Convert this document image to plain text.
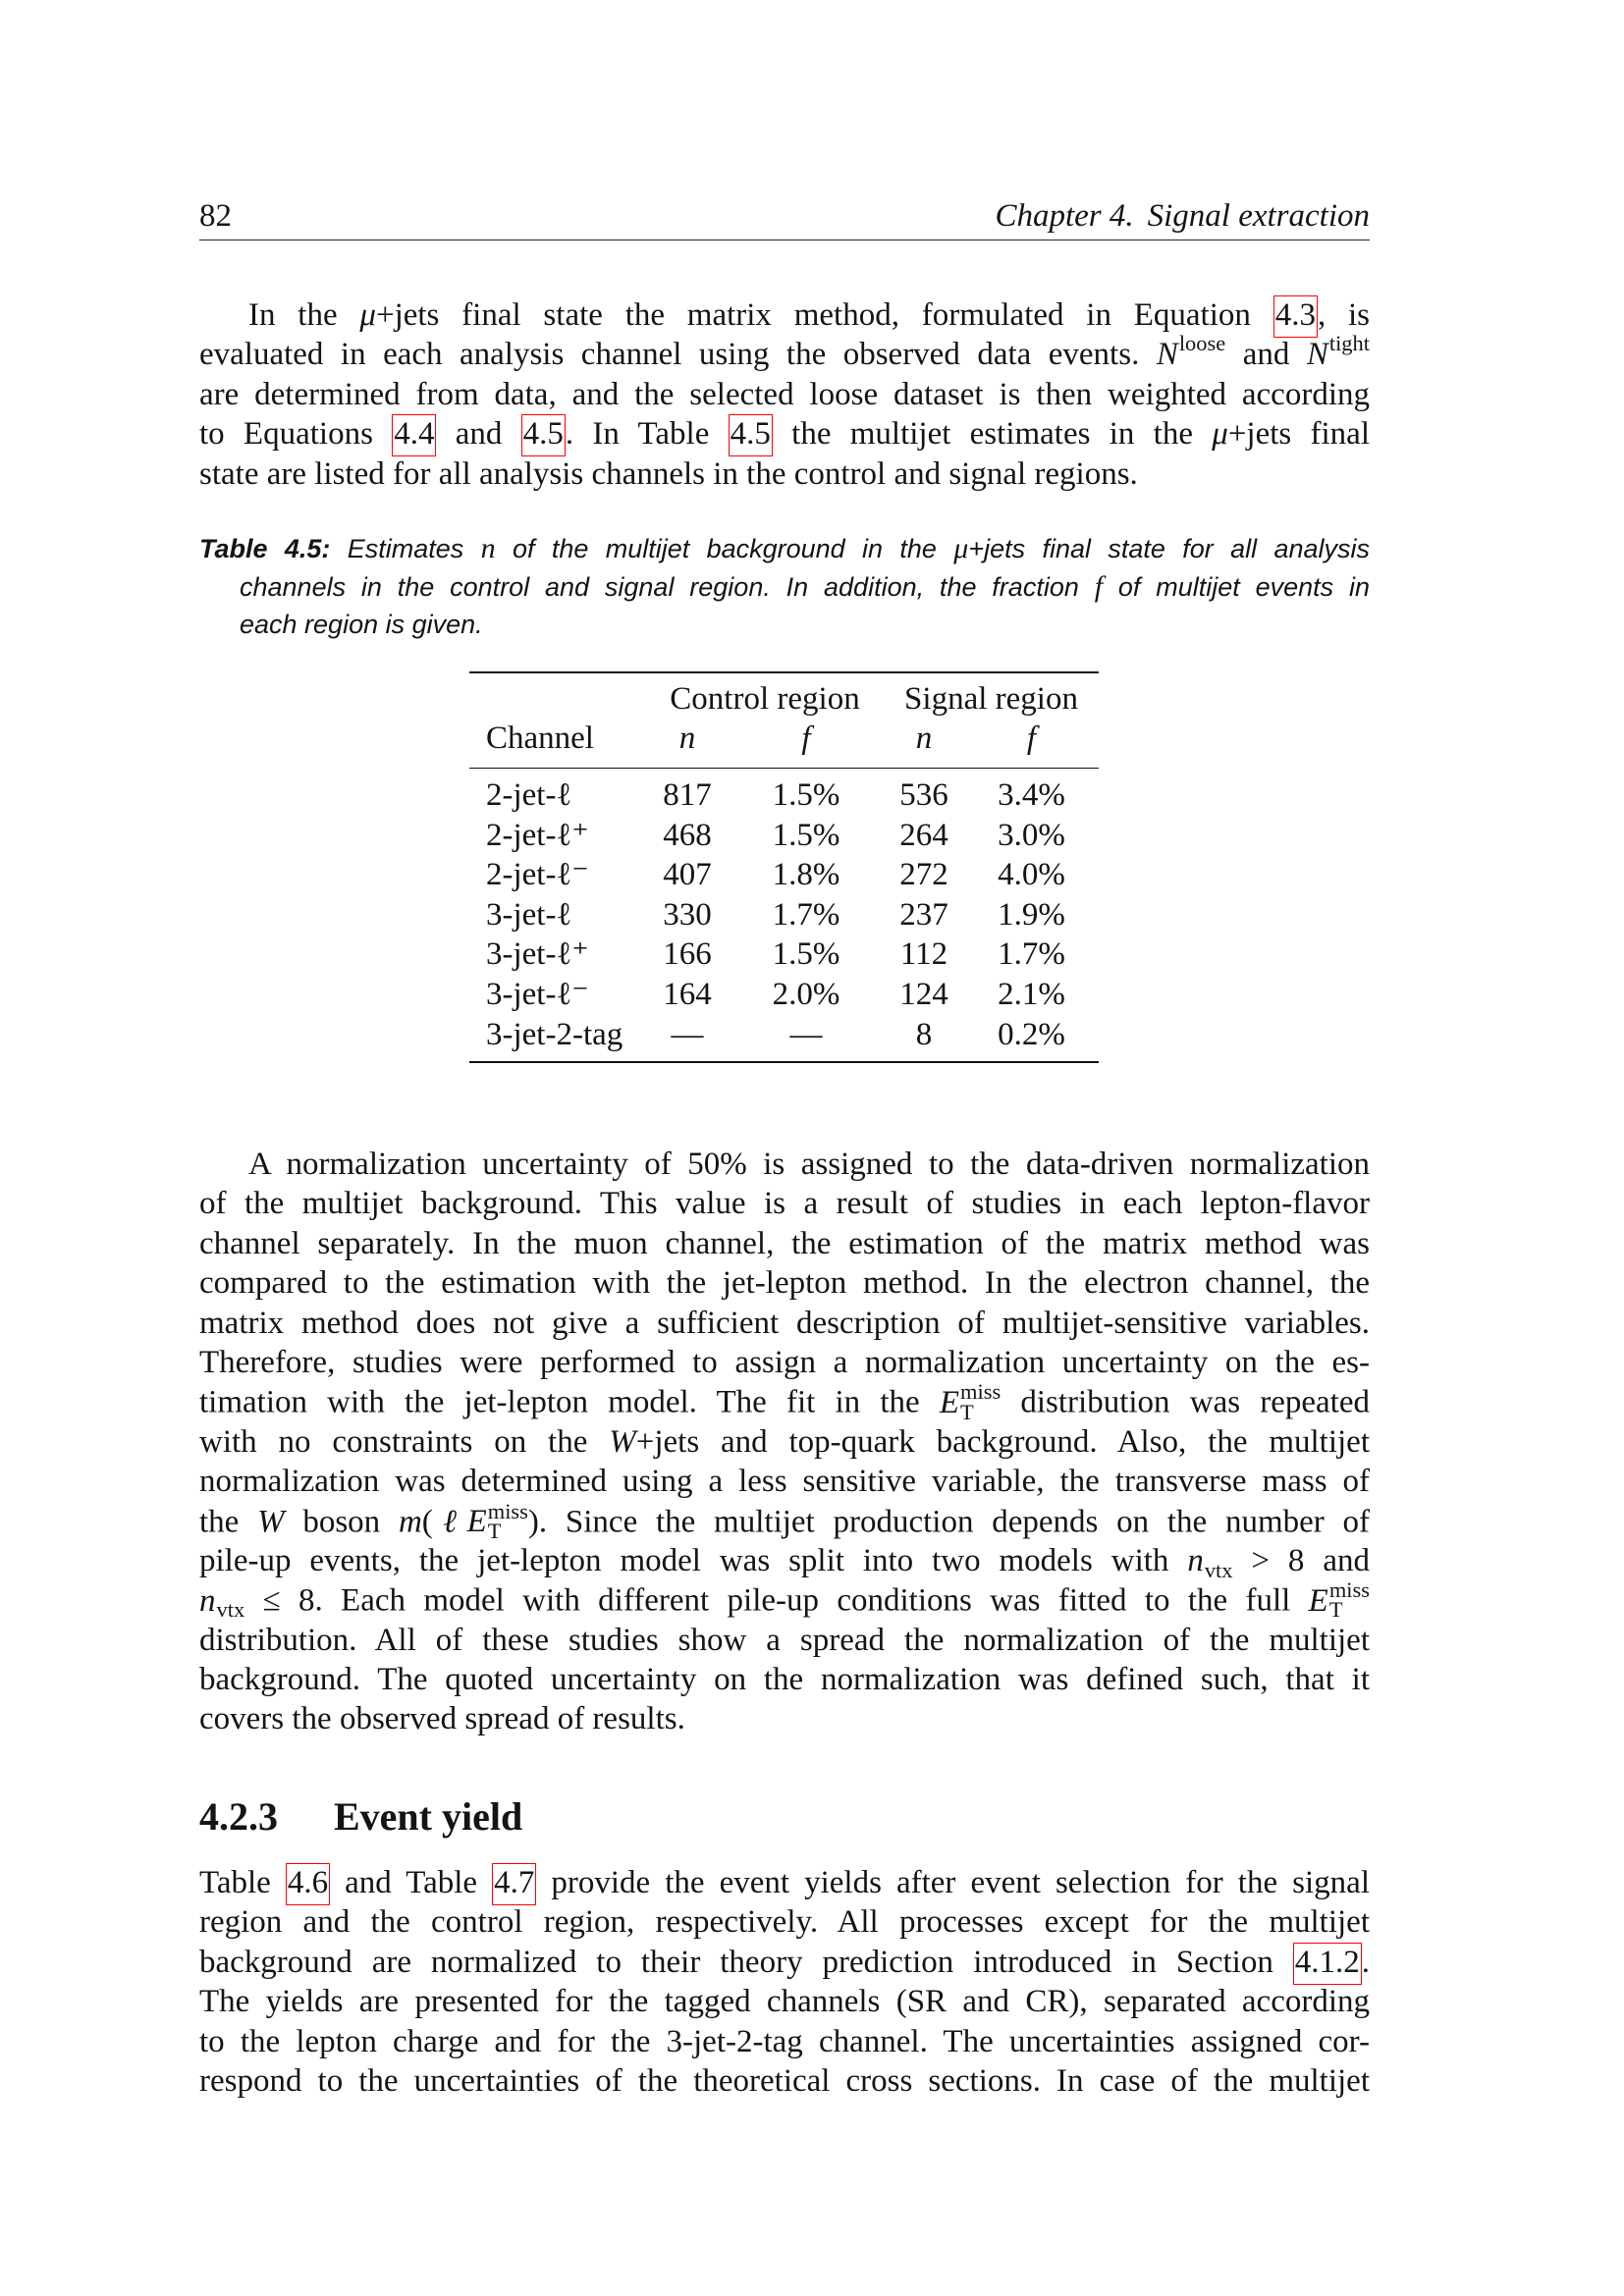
82	Chapter 4. Signal extraction
In the μ+jets final state the matrix method, formulated in Equation 4.3, is
evaluated in each analysis channel using the observed data events. $N^{loose}$ and $N^{tight}$
are determined from data, and the selected loose dataset is then weighted according
to Equations 4.4 and 4.5. In Table 4.5 the multijet estimates in the μ+jets final
state are listed for all analysis channels in the control and signal regions.
Table 4.5: Estimates n of the multijet background in the μ+jets final state for all analysis
channels in the control and signal region. In addition, the fraction f of multijet events in
each region is given.
Control region	Signal region
Channel	n	f	n	f
2-jet-ℓ	817	1.5%	536	3.4%
2-jet-ℓ⁺	468	1.5%	264	3.0%
2-jet-ℓ⁻	407	1.8%	272	4.0%
3-jet-ℓ	330	1.7%	237	1.9%
3-jet-ℓ⁺	166	1.5%	112	1.7%
3-jet-ℓ⁻	164	2.0%	124	2.1%
3-jet-2-tag	—	—	8	0.2%
A normalization uncertainty of 50% is assigned to the data-driven normalization
of the multijet background. This value is a result of studies in each lepton-flavor
channel separately. In the muon channel, the estimation of the matrix method was
compared to the estimation with the jet-lepton method. In the electron channel, the
matrix method does not give a sufficient description of multijet-sensitive variables.
Therefore, studies were performed to assign a normalization uncertainty on the es-
timation with the jet-lepton model. The fit in the E miss
T distribution was repeated
with no constraints on the W+jets and top-quark background. Also, the multijet
normalization was determined using a less sensitive variable, the transverse mass of
the W boson m(ℓE miss
T ). Since the multijet production depends on the number of
pile-up events, the jet-lepton model was split into two models with $n_{vtx} > 8$ and
$n_{vtx} \le 8$. Each model with different pile-up conditions was fitted to the full E miss
T
distribution. All of these studies show a spread the normalization of the multijet
background. The quoted uncertainty on the normalization was defined such, that it
covers the observed spread of results.
4.2.3 Event yield
Table 4.6 and Table 4.7 provide the event yields after event selection for the signal
region and the control region, respectively. All processes except for the multijet
background are normalized to their theory prediction introduced in Section 4.1.2.
The yields are presented for the tagged channels (SR and CR), separated according
to the lepton charge and for the 3-jet-2-tag channel. The uncertainties assigned cor-
respond to the uncertainties of the theoretical cross sections. In case of the multijet
